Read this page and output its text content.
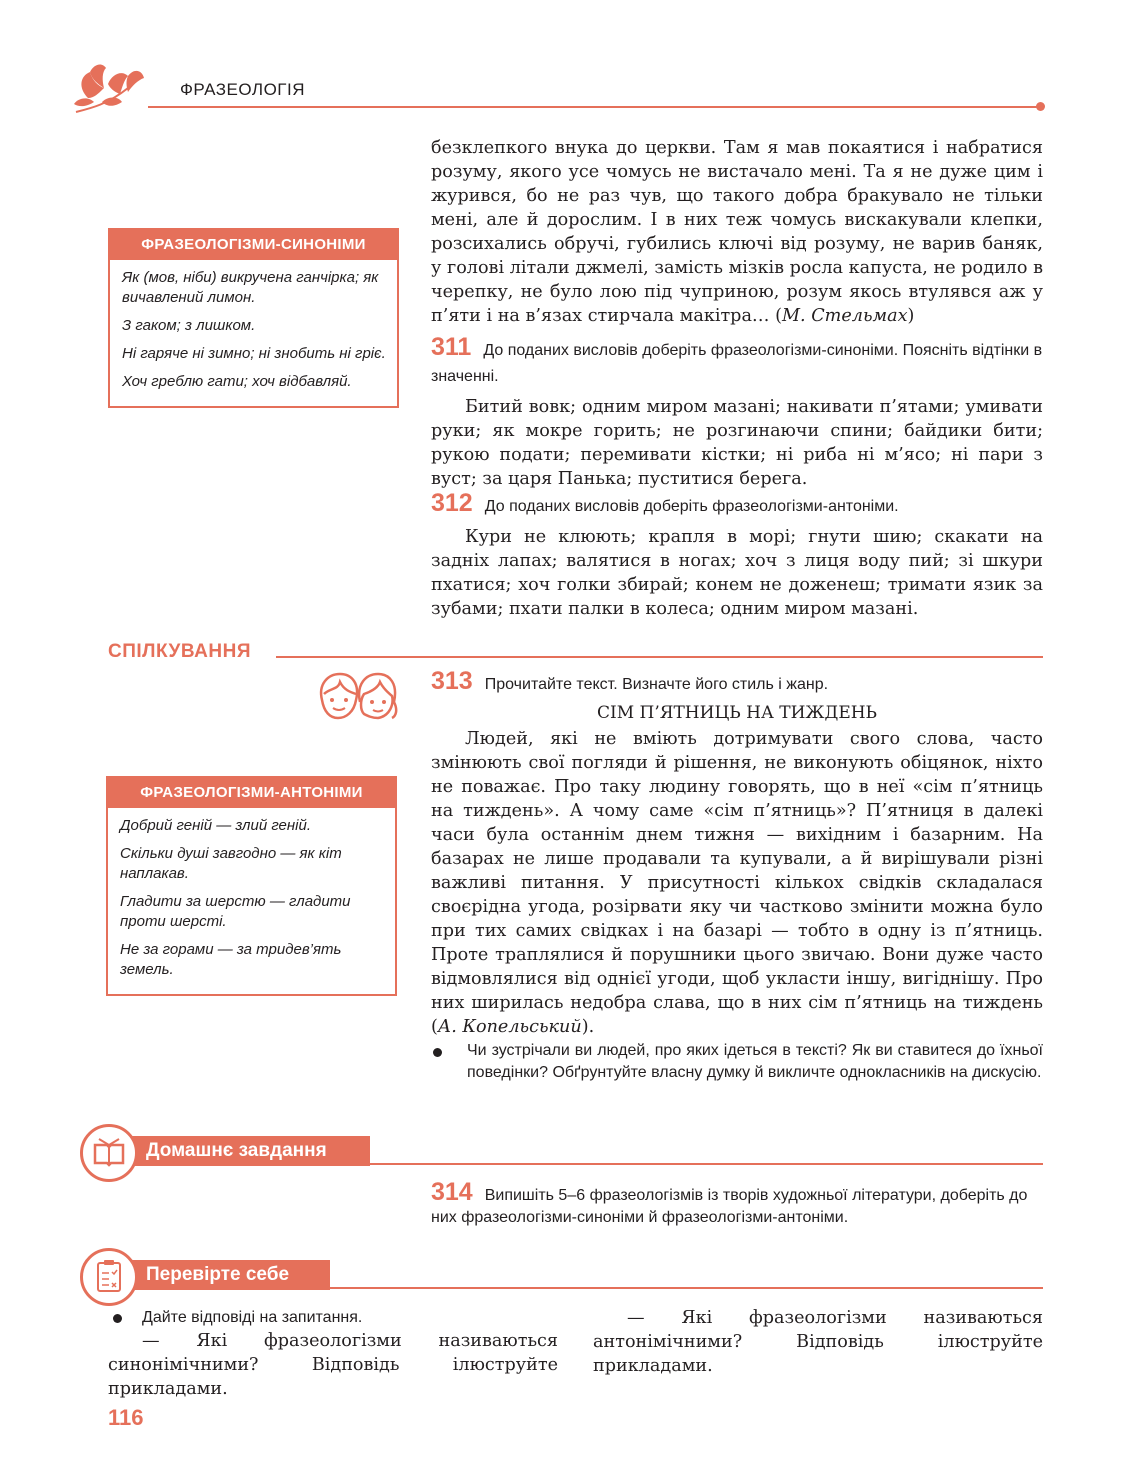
ФРАЗЕОЛОГІЯ

безклепкого внука до церкви. Там я мав покаятися і набратися розуму, якого усе чомусь не вистачало мені. Та я не дуже цим і журився, бо не раз чув, що такого добра бракувало не тільки мені, але й дорослим. І в них теж чомусь вискакували клепки, розсихались обручі, губились ключі від розуму, не варив баняк, у голові літали джмелі, замість мізків росла капуста, не родило в черепку, не було лою під чуприною, розум якось втулявся аж у п’яти і на в’язах стирчала макітра… (М. Стельмах)

ФРАЗЕОЛОГІЗМИ-СИНОНІМИ
Як (мов, ніби) викручена ганчірка; як вичавлений лимон.
З гаком; з лишком.
Ні гаряче ні зимно; ні знобить ні гріє.
Хоч греблю гати; хоч відбавляй.
311 До поданих висловів доберіть фразеологізми-синоніми. Поясніть відтінки в значенні.
Битий вовк; одним миром мазані; накивати п’ятами; умивати руки; як мокре горить; не розгинаючи спини; байдики бити; рукою подати; перемивати кістки; ні риба ні м’ясо; ні пари з вуст; за царя Панька; пуститися берега.
312 До поданих висловів доберіть фразеологізми-антоніми.
Кури не клюють; крапля в морі; гнути шию; скакати на задніх лапах; валятися в ногах; хоч з лиця воду пий; зі шкури пхатися; хоч голки збирай; конем не доженеш; тримати язик за зубами; пхати палки в колеса; одним миром мазані.
СПІЛКУВАННЯ
ФРАЗЕОЛОГІЗМИ-АНТОНІМИ
Добрий геній — злий геній.
Скільки душі завгодно — як кіт наплакав.
Гладити за шерстю — гладити проти шерсті.
Не за горами — за тридев’ять земель.
313 Прочитайте текст. Визначте його стиль і жанр.
СІМ П’ЯТНИЦЬ НА ТИЖДЕНЬ
Людей, які не вміють дотримувати свого слова, часто змінюють свої погляди й рішення, не виконують обіцянок, ніхто не поважає. Про таку людину говорять, що в неї «сім п’ятниць на тиждень». А чому саме «сім п’ятниць»? П’ятниця в далекі часи була останнім днем тижня — вихідним і базарним. На базарах не лише продавали та купували, а й вирішували різні важливі питання. У присутності кількох свідків складалася своєрідна угода, розірвати яку чи частково змінити можна було при тих самих свідках і на базарі — тобто в одну із п’ятниць. Проте траплялися й порушники цього звичаю. Вони дуже часто відмовлялися від однієї угоди, щоб укласти іншу, вигіднішу. Про них ширилась недобра слава, що в них сім п’ятниць на тиждень (А. Копельський).
Чи зустрічали ви людей, про яких ідеться в тексті? Як ви ставитеся до їхньої поведінки? Обґрунтуйте власну думку й викличте однокласників на дискусію.
Домашнє завдання
314 Випишіть 5–6 фразеологізмів із творів художньої літератури, доберіть до них фразеологізми-синоніми й фразеологізми-антоніми.
Перевірте себе
Дайте відповіді на запитання.

— Які фразеологізми називаються синонімічними? Відповідь ілюструйте прикладами.

— Які фразеологізми називаються антонімічними? Відповідь ілюструйте прикладами.

116
